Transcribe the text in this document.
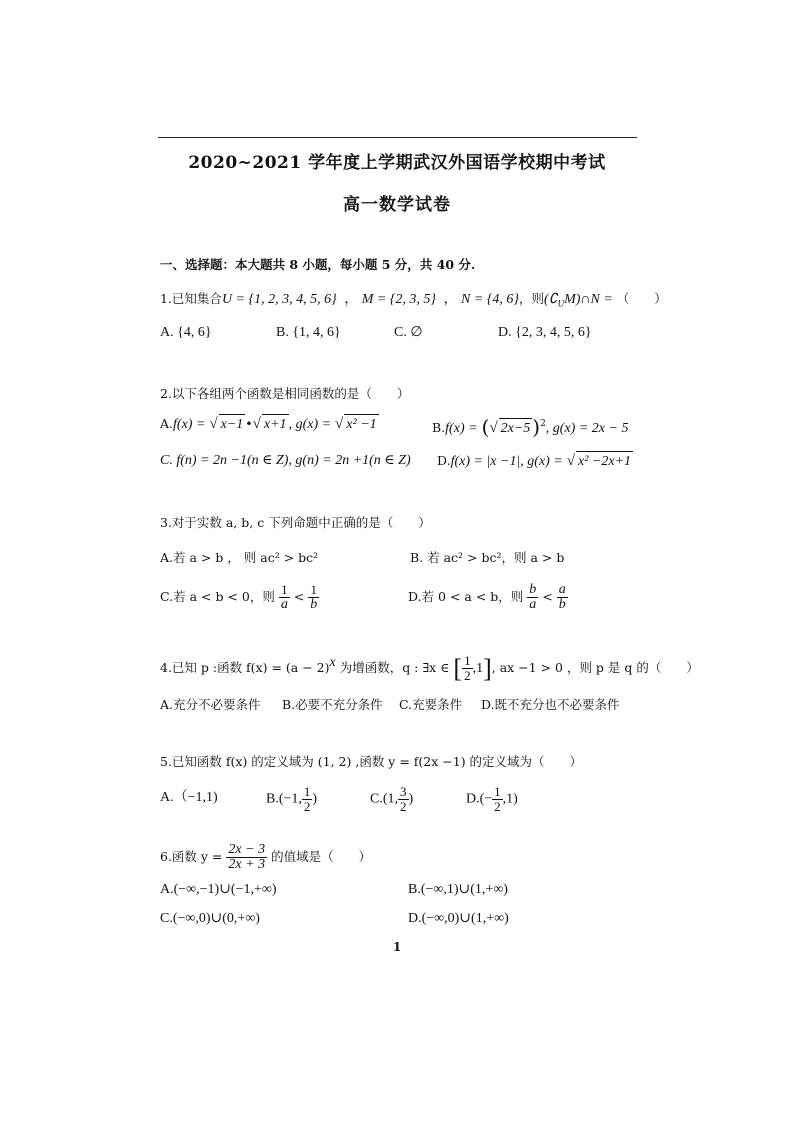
2020~2021 学年度上学期武汉外国语学校期中考试
高一数学试卷
一、选择题：本大题共 8 小题，每小题 5 分，共 40 分.
1.已知集合U = {1, 2, 3, 4, 5, 6}  ， M = {2, 3, 5}  ， N = {4, 6}，则$(∁_UM)\cap N$ = （　　）
A. {4, 6}	B. {1, 4, 6}	C. ∅	D. {2, 3, 4, 5, 6}
2.以下各组两个函数是相同函数的是（　　）
A.f(x) = √ x−1 •√ x+1 , g(x) = √ x² −1	B.f(x) = (√ 2x−5 )$^2$, g(x) = 2x − 5
C. f(n) = 2n −1(n ∈ Z), g(n) = 2n +1(n ∈ Z) D.f(x) = |x −1|, g(x) = √ x² −2x+1
3.对于实数 a, b, c 下列命题中正确的是（　　）
A.若 a > b ， 则 ac² > bc²	B. 若 ac² > bc²，则 a > b
C.若 a < b < 0，则 $\frac{1}{a} < \frac{1}{b}$	D.若 0 < a < b，则 $\frac{b}{a} < \frac{a}{b}$
4.已知 p :函数 $f(x) = (a - 2)^x$ 为增函数，q : ∃x ∈ [ $\frac{1}{2} ,1$], ax −1 > 0 ，则 p 是 q 的（　　）
A.充分不必要条件 B.必要不充分条件 C.充要条件 D.既不充分也不必要条件
5.已知函数 f(x) 的定义域为 (1, 2) ,函数 y = f(2x −1) 的定义域为（　　）
A.（−1,1)	B.(−1, $\frac{1}{2}$ )	C.(1, $\frac{3}{2}$ )	$D.(- \frac{1}{2} ,1)$
6.函数 $y = \frac{2x - 3}{2x + 3}$ 的值域是（　　）
A.(−∞,−1)∪(−1,+∞)	B.(−∞,1)∪(1,+∞)
C.(−∞,0)∪(0,+∞)	D.(−∞,0)∪(1,+∞)
1
